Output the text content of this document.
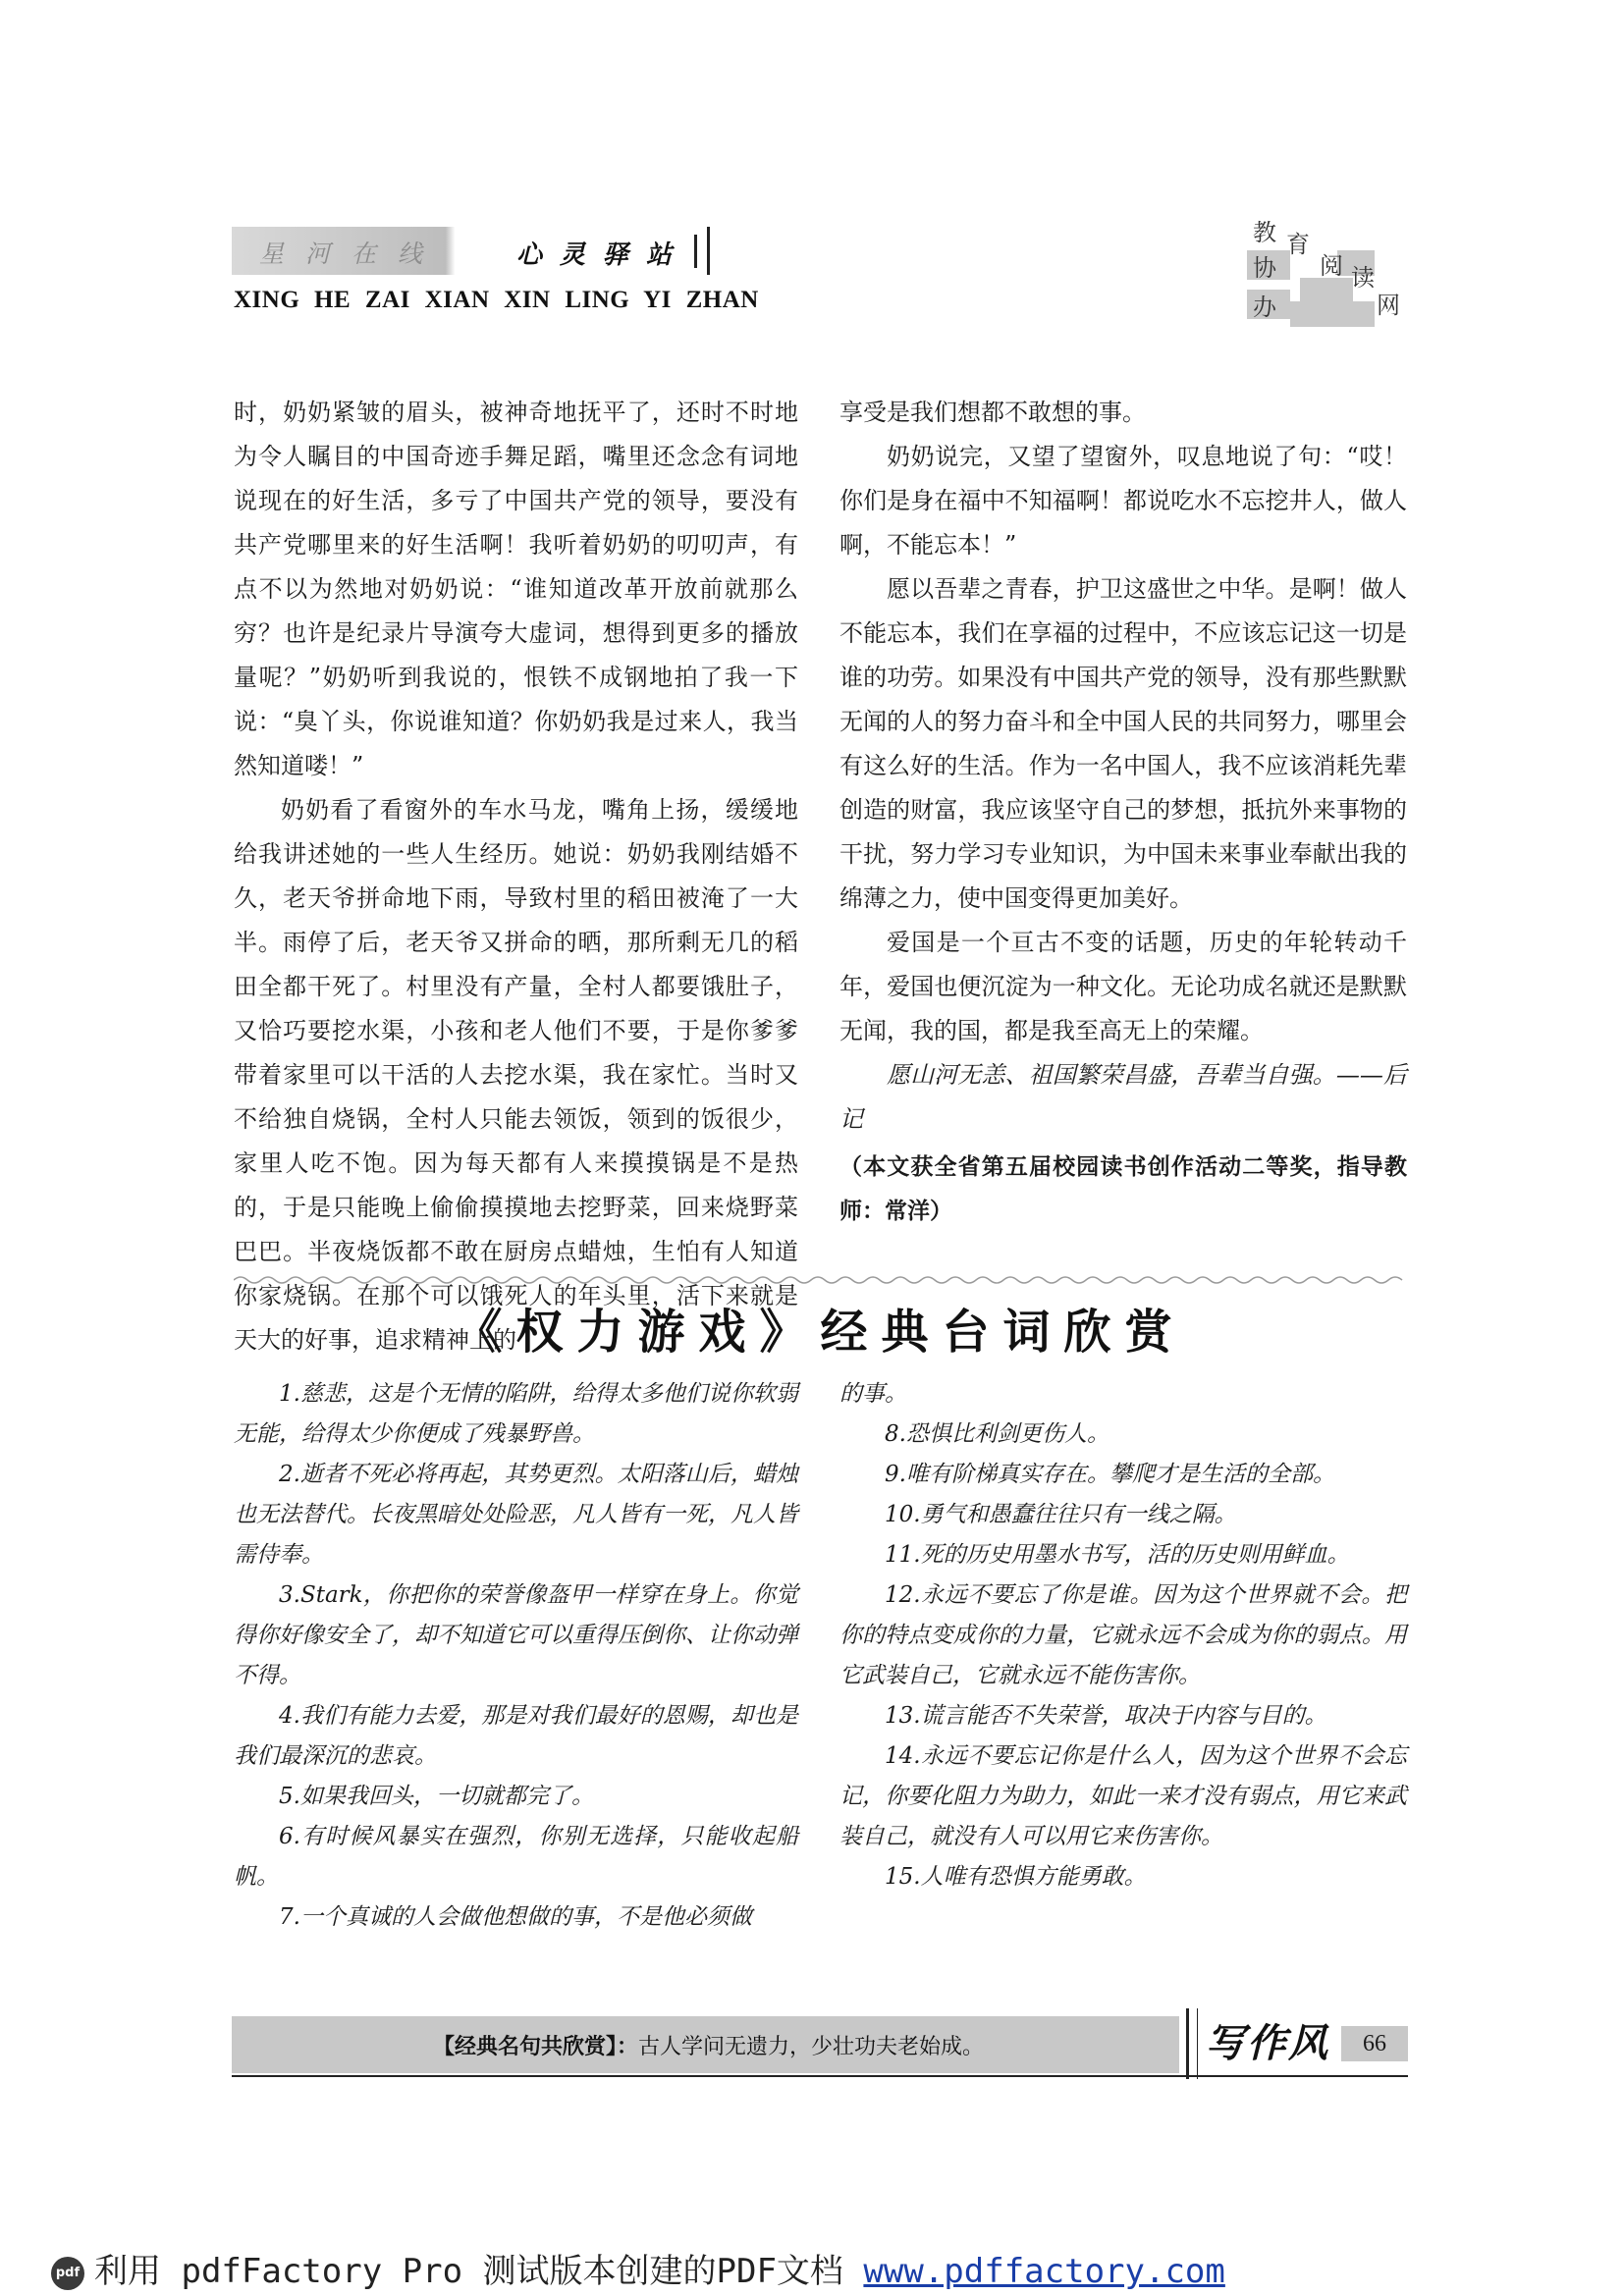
星河在线	心灵驿站
XING HE ZAI XIAN XIN LING YI ZHAN
教 育
协 阅 读
办	网

时，奶奶紧皱的眉头，被神奇地抚平了，还时不时地为令人瞩目的中国奇迹手舞足蹈，嘴里还念念有词地说现在的好生活，多亏了中国共产党的领导，要没有共产党哪里来的好生活啊！我听着奶奶的叨叨声，有点不以为然地对奶奶说：“谁知道改革开放前就那么穷？也许是纪录片导演夸大虚词，想得到更多的播放量呢？”奶奶听到我说的，恨铁不成钢地拍了我一下说：“臭丫头，你说谁知道？你奶奶我是过来人，我当然知道喽！”

奶奶看了看窗外的车水马龙，嘴角上扬，缓缓地给我讲述她的一些人生经历。她说：奶奶我刚结婚不久，老天爷拼命地下雨，导致村里的稻田被淹了一大半。雨停了后，老天爷又拼命的晒，那所剩无几的稻田全都干死了。村里没有产量，全村人都要饿肚子，又恰巧要挖水渠，小孩和老人他们不要，于是你爹爹带着家里可以干活的人去挖水渠，我在家忙。当时又不给独自烧锅，全村人只能去领饭，领到的饭很少，家里人吃不饱。因为每天都有人来摸摸锅是不是热的，于是只能晚上偷偷摸摸地去挖野菜，回来烧野菜巴巴。半夜烧饭都不敢在厨房点蜡烛，生怕有人知道你家烧锅。在那个可以饿死人的年头里，活下来就是天大的好事，追求精神上的

享受是我们想都不敢想的事。

奶奶说完，又望了望窗外，叹息地说了句：“哎！你们是身在福中不知福啊！都说吃水不忘挖井人，做人啊，不能忘本！”

愿以吾辈之青春，护卫这盛世之中华。是啊！做人不能忘本，我们在享福的过程中，不应该忘记这一切是谁的功劳。如果没有中国共产党的领导，没有那些默默无闻的人的努力奋斗和全中国人民的共同努力，哪里会有这么好的生活。作为一名中国人，我不应该消耗先辈创造的财富，我应该坚守自己的梦想，抵抗外来事物的干扰，努力学习专业知识，为中国未来事业奉献出我的绵薄之力，使中国变得更加美好。

爱国是一个亘古不变的话题，历史的年轮转动千年，爱国也便沉淀为一种文化。无论功成名就还是默默无闻，我的国，都是我至高无上的荣耀。

愿山河无恙、祖国繁荣昌盛，吾辈当自强。——后记

（本文获全省第五届校园读书创作活动二等奖，指导教师：常洋）

《权力游戏》经典台词欣赏

1.慈悲，这是个无情的陷阱，给得太多他们说你软弱无能，给得太少你便成了残暴野兽。

2.逝者不死必将再起，其势更烈。太阳落山后，蜡烛也无法替代。长夜黑暗处处险恶，凡人皆有一死，凡人皆需侍奉。

3.Stark，你把你的荣誉像盔甲一样穿在身上。你觉得你好像安全了，却不知道它可以重得压倒你、让你动弹不得。

4.我们有能力去爱，那是对我们最好的恩赐，却也是我们最深沉的悲哀。

5.如果我回头，一切就都完了。

6.有时候风暴实在强烈，你别无选择，只能收起船帆。

7.一个真诚的人会做他想做的事，不是他必须做

的事。

8.恐惧比利剑更伤人。

9.唯有阶梯真实存在。攀爬才是生活的全部。

10.勇气和愚蠢往往只有一线之隔。

11.死的历史用墨水书写，活的历史则用鲜血。

12.永远不要忘了你是谁。因为这个世界就不会。把你的特点变成你的力量，它就永远不会成为你的弱点。用它武装自己，它就永远不能伤害你。

13.谎言能否不失荣誉，取决于内容与目的。

14.永远不要忘记你是什么人，因为这个世界不会忘记，你要化阻力为助力，如此一来才没有弱点，用它来武装自己，就没有人可以用它来伤害你。

15.人唯有恐惧方能勇敢。

【经典名句共欣赏】：古人学问无遗力，少壮功夫老始成。	写作风	66
pdf 利用 pdfFactory Pro 测试版本创建的PDF文档 www.pdffactory.com
